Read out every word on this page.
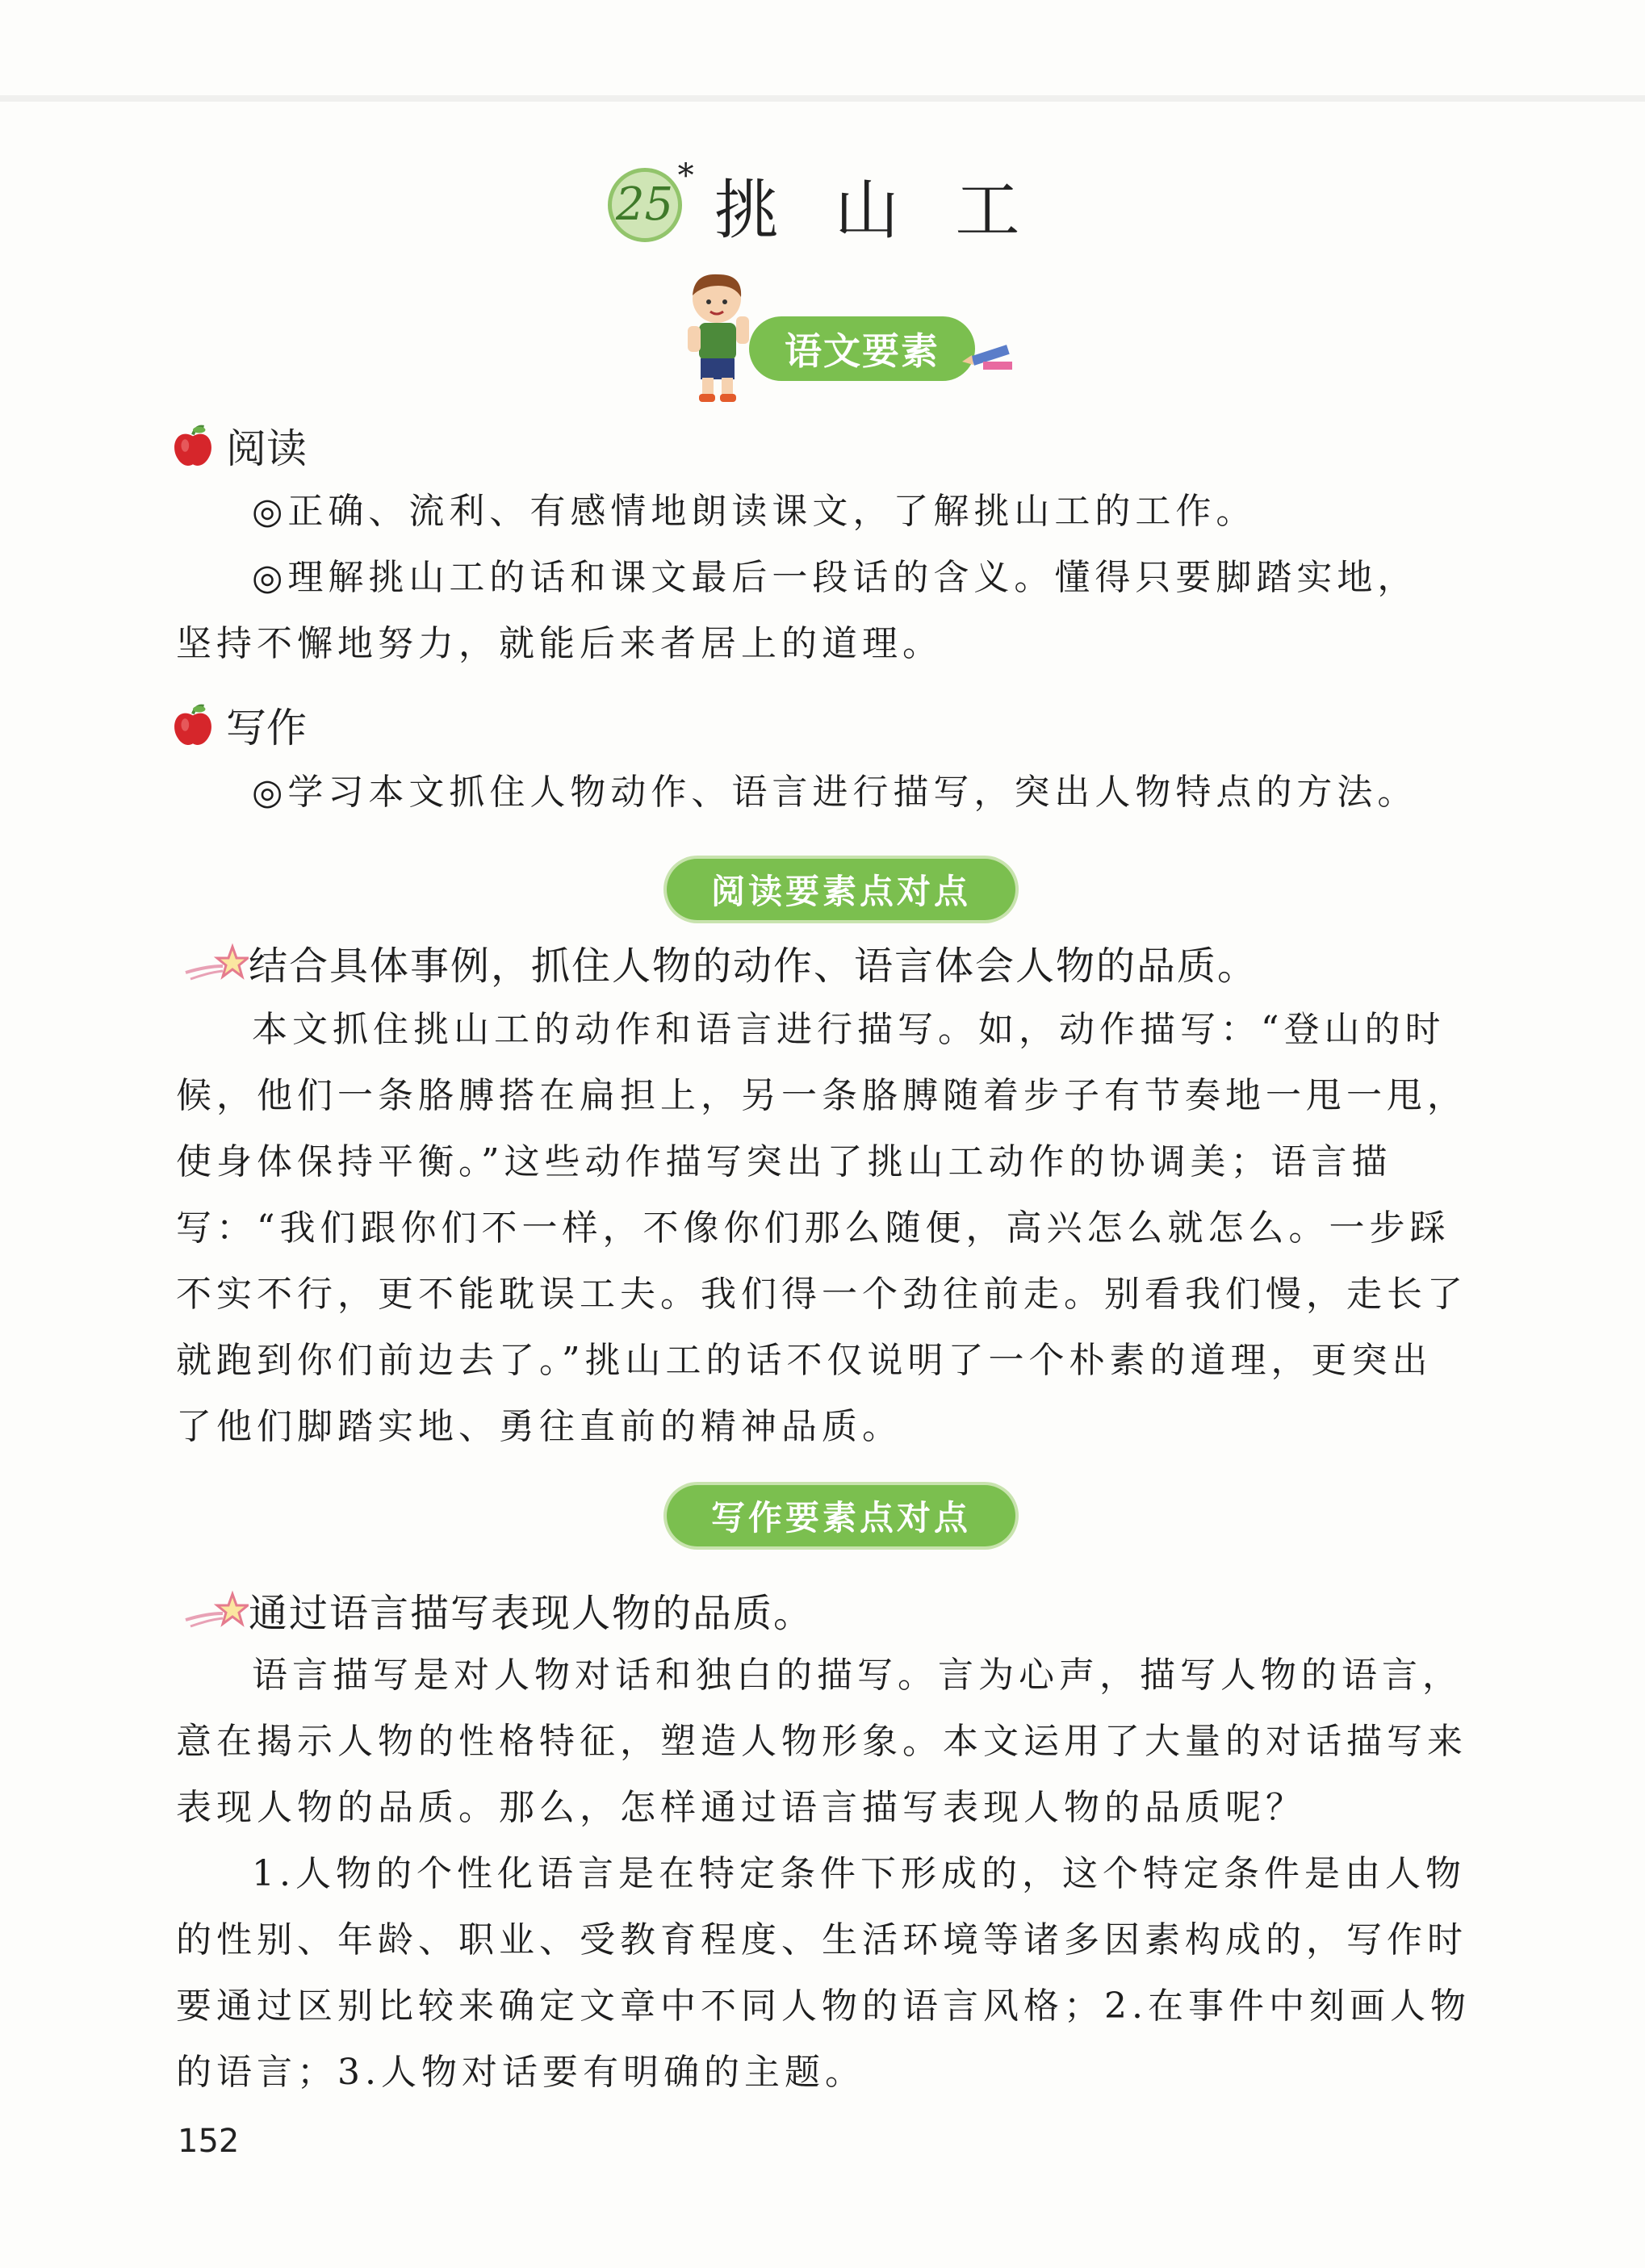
25
* 挑 山 工
语文要素
阅读
◎正确、流利、有感情地朗读课文，了解挑山工的工作。
◎理解挑山工的话和课文最后一段话的含义。懂得只要脚踏实地，
坚持不懈地努力，就能后来者居上的道理。
写作
◎学习本文抓住人物动作、语言进行描写，突出人物特点的方法。
阅读要素点对点
结合具体事例，抓住人物的动作、语言体会人物的品质。
本文抓住挑山工的动作和语言进行描写。如，动作描写：“登山的时
候，他们一条胳膊搭在扁担上，另一条胳膊随着步子有节奏地一甩一甩，
使身体保持平衡。”这些动作描写突出了挑山工动作的协调美；语言描
写：“我们跟你们不一样，不像你们那么随便，高兴怎么就怎么。一步踩
不实不行，更不能耽误工夫。我们得一个劲往前走。别看我们慢，走长了
就跑到你们前边去了。”挑山工的话不仅说明了一个朴素的道理，更突出
了他们脚踏实地、勇往直前的精神品质。
写作要素点对点
通过语言描写表现人物的品质。
语言描写是对人物对话和独白的描写。言为心声，描写人物的语言，
意在揭示人物的性格特征，塑造人物形象。本文运用了大量的对话描写来
表现人物的品质。那么，怎样通过语言描写表现人物的品质呢？
1.人物的个性化语言是在特定条件下形成的，这个特定条件是由人物
的性别、年龄、职业、受教育程度、生活环境等诸多因素构成的，写作时
要通过区别比较来确定文章中不同人物的语言风格；2.在事件中刻画人物
的语言；3.人物对话要有明确的主题。
152
